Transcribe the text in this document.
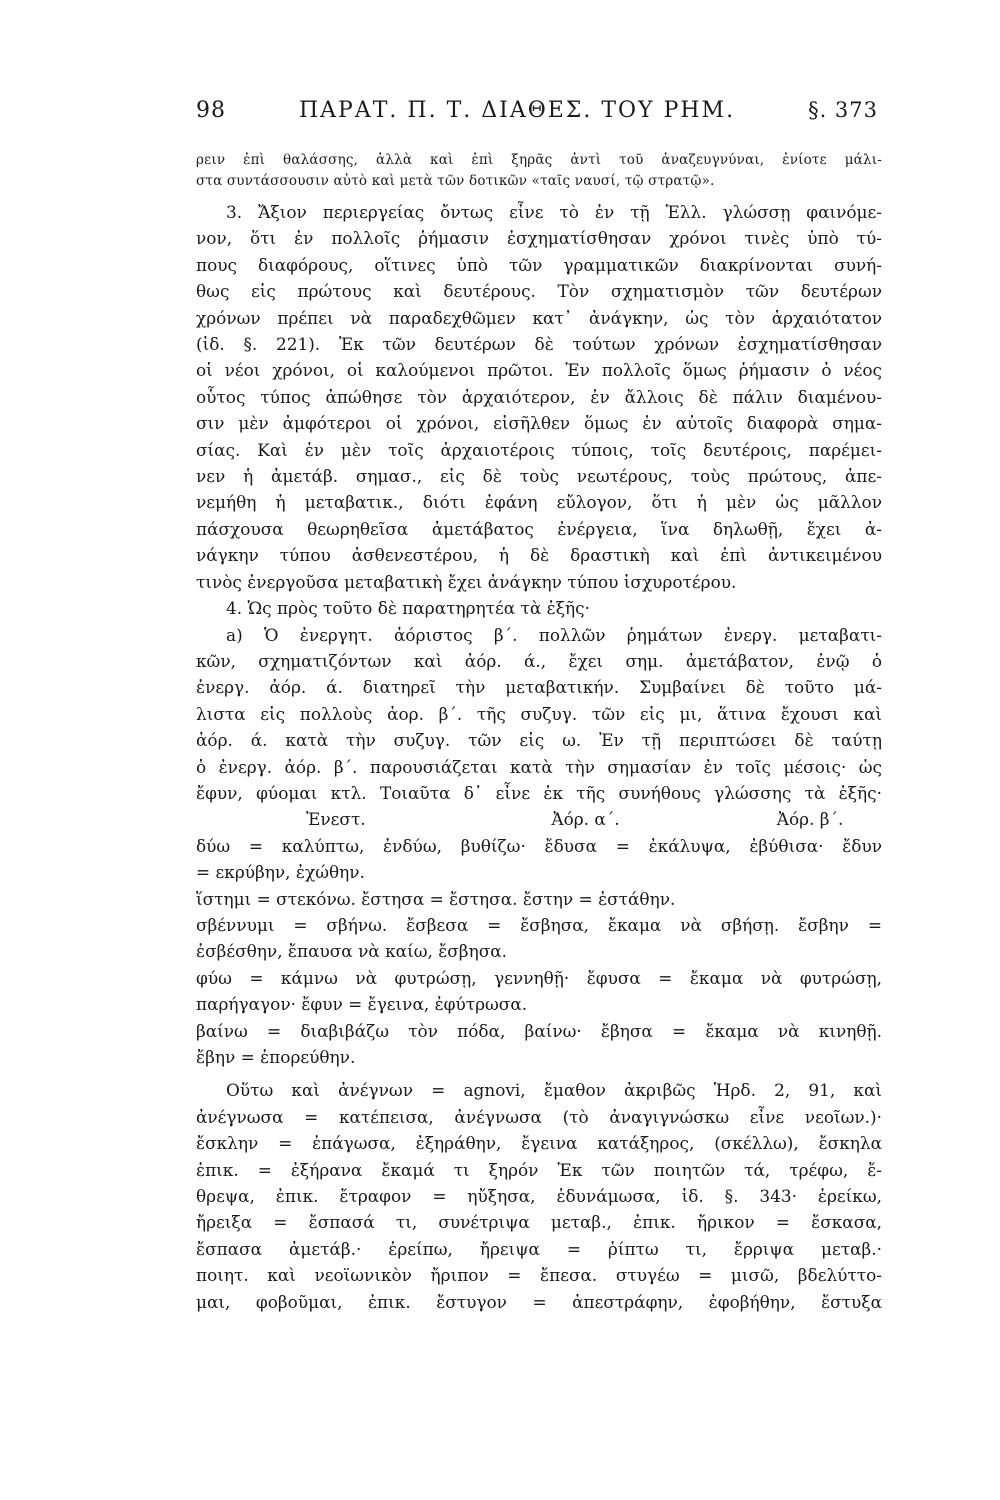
98	ΠΑΡΑΤ. Π. Τ. ΔΙΑΘΕΣ. ΤΟΥ ΡΗΜ.	§. 373

ρειν ἐπὶ θαλάσσης, ἀλλὰ καὶ ἐπὶ ξηρᾶς ἀντὶ τοῦ ἀναζευγνύναι, ἐνίοτε μάλι-

στα συντάσσουσιν αὐτὸ καὶ μετὰ τῶν δοτικῶν «ταῖς ναυσί, τῷ στρατῷ».

3. Ἄξιον περιεργείας ὄντως εἶνε τὸ ἐν τῇ Ἑλλ. γλώσσῃ φαινόμε-

νον, ὅτι ἐν πολλοῖς ῥήμασιν ἐσχηματίσθησαν χρόνοι τινὲς ὑπὸ τύ-

πους διαφόρους, οἵτινες ὑπὸ τῶν γραμματικῶν διακρίνονται συνή-

θως εἰς πρώτους καὶ δευτέρους. Τὸν σχηματισμὸν τῶν δευτέρων

χρόνων πρέπει νὰ παραδεχθῶμεν κατ᾽ ἀνάγκην, ὡς τὸν ἀρχαιότατον

(ἰδ. §. 221). Ἐκ τῶν δευτέρων δὲ τούτων χρόνων ἐσχηματίσθησαν

οἱ νέοι χρόνοι, οἱ καλούμενοι πρῶτοι. Ἐν πολλοῖς ὅμως ῥήμασιν ὁ νέος

οὗτος τύπος ἀπώθησε τὸν ἀρχαιότερον, ἐν ἄλλοις δὲ πάλιν διαμένου-

σιν μὲν ἀμφότεροι οἱ χρόνοι, εἰσῆλθεν ὅμως ἐν αὐτοῖς διαφορὰ σημα-

σίας. Καὶ ἐν μὲν τοῖς ἀρχαιοτέροις τύποις, τοῖς δευτέροις, παρέμει-

νεν ἡ ἀμετάβ. σημασ., εἰς δὲ τοὺς νεωτέρους, τοὺς πρώτους, ἀπε-

νεμήθη ἡ μεταβατικ., διότι ἐφάνη εὔλογον, ὅτι ἡ μὲν ὡς μᾶλλον

πάσχουσα θεωρηθεῖσα ἀμετάβατος ἐνέργεια, ἵνα δηλωθῇ, ἔχει ἀ-

νάγκην τύπου ἀσθενεστέρου, ἡ δὲ δραστικὴ καὶ ἐπὶ ἀντικειμένου

τινὸς ἐνεργοῦσα μεταβατικὴ ἔχει ἀνάγκην τύπου ἰσχυροτέρου.

4. Ὡς πρὸς τοῦτο δὲ παρατηρητέα τὰ ἑξῆς·

a) Ὁ ἐνεργητ. ἀόριστος β΄. πολλῶν ῥημάτων ἐνεργ. μεταβατι-

κῶν, σχηματιζόντων καὶ ἀόρ. ά., ἔχει σημ. ἀμετάβατον, ἐνῷ ὁ

ἐνεργ. ἀόρ. ά. διατηρεῖ τὴν μεταβατικήν. Συμβαίνει δὲ τοῦτο μά-

λιστα εἰς πολλοὺς ἀορ. β΄. τῆς συζυγ. τῶν εἰς μι, ἅτινα ἔχουσι καὶ

ἀόρ. ά. κατὰ τὴν συζυγ. τῶν εἰς ω. Ἐν τῇ περιπτώσει δὲ ταύτῃ

ὁ ἐνεργ. ἀόρ. β΄. παρουσιάζεται κατὰ τὴν σημασίαν ἐν τοῖς μέσοις· ὡς

ἔφυν, φύομαι κτλ. Τοιαῦτα δ᾽ εἶνε ἐκ τῆς συνήθους γλώσσης τὰ ἑξῆς·

Ἐνεστ.	Ἀόρ. α΄.	Ἀόρ. β΄.

δύω = καλύπτω, ἐνδύω, βυθίζω· ἔδυσα = ἐκάλυψα, ἐβύθισα· ἔδυν

= εκρύβην, ἐχώθην.

ἵστημι = στεκόνω. ἔστησα = ἔστησα. ἔστην = ἐστάθην.

σβέννυμι = σβήνω. ἔσβεσα = ἔσβησα, ἔκαμα νὰ σβήσῃ. ἔσβην =

ἐσβέσθην, ἔπαυσα νὰ καίω, ἔσβησα.

φύω = κάμνω νὰ φυτρώσῃ, γεννηθῇ· ἔφυσα = ἔκαμα νὰ φυτρώσῃ,

παρήγαγον· ἔφυν = ἔγεινα, ἐφύτρωσα.

βαίνω = διαβιβάζω τὸν πόδα, βαίνω· ἔβησα = ἔκαμα νὰ κινηθῇ.

ἔβην = ἐπορεύθην.

Οὕτω καὶ ἀνέγνων = agnovi, ἔμαθον ἀκριβῶς Ἡρδ. 2, 91, καὶ

ἀνέγνωσα = κατέπεισα, ἀνέγνωσα (τὸ ἀναγιγνώσκω εἶνε νεοῖων.)·

ἔσκλην = ἐπάγωσα, ἐξηράθην, ἔγεινα κατάξηρος, (σκέλλω), ἔσκηλα

ἐπικ. = ἐξήρανα ἔκαμά τι ξηρόν Ἐκ τῶν ποιητῶν τά, τρέφω, ἔ-

θρεψα, ἐπικ. ἔτραφον = ηὔξησα, ἐδυνάμωσα, ἰδ. §. 343· ἐρείκω,

ἤρειξα = ἔσπασά τι, συνέτριψα μεταβ., ἐπικ. ἤρικον = ἔσκασα,

ἔσπασα ἀμετάβ.· ἐρείπω, ἤρειψα = ῥίπτω τι, ἔρριψα μεταβ.·

ποιητ. καὶ νεοϊωνικὸν ἤριπον = ἔπεσα. στυγέω = μισῶ, βδελύττο-

μαι, φοβοῦμαι, ἐπικ. ἔστυγον = ἀπεστράφην, ἐφοβήθην, ἔστυξα
